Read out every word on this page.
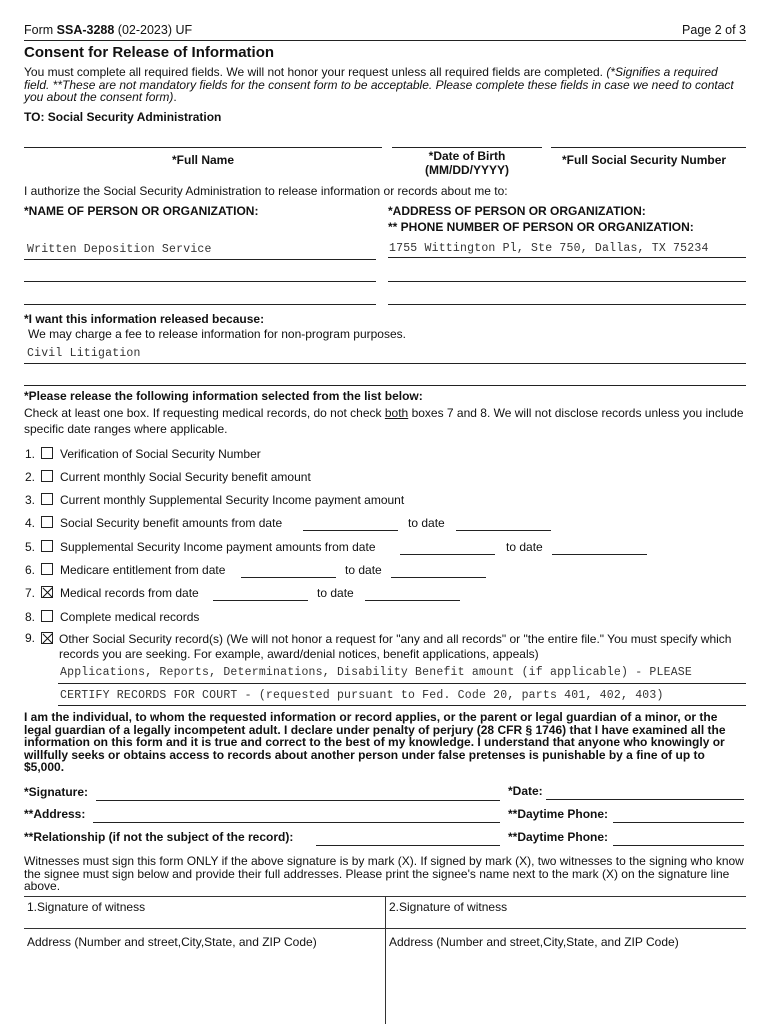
Form SSA-3288 (02-2023) UF	Page 2 of 3
Consent for Release of Information
You must complete all required fields. We will not honor your request unless all required fields are completed. (*Signifies a required field. **These are not mandatory fields for the consent form to be acceptable. Please complete these fields in case we need to contact you about the consent form).
TO: Social Security Administration
*Full Name	*Date of Birth
(MM/DD/YYYY)
*Full Social Security Number
I authorize the Social Security Administration to release information or records about me to:
*NAME OF PERSON OR ORGANIZATION:	*ADDRESS OF PERSON OR ORGANIZATION:
** PHONE NUMBER OF PERSON OR ORGANIZATION:
Written Deposition Service	1755 Wittington Pl, Ste 750, Dallas, TX 75234
*I want this information released because:
We may charge a fee to release information for non-program purposes.
Civil Litigation
*Please release the following information selected from the list below:
Check at least one box. If requesting medical records, do not check both boxes 7 and 8. We will not disclose records unless you include specific date ranges where applicable.
1. Verification of Social Security Number
2. Current monthly Social Security benefit amount
3. Current monthly Supplemental Security Income payment amount
4. Social Security benefit amounts from date	to date
5. Supplemental Security Income payment amounts from date	to date
6. Medicare entitlement from date	to date
7. Medical records from date	to date
8. Complete medical records
9. Other Social Security record(s) (We will not honor a request for "any and all records" or "the entire file." You must specify which records you are seeking. For example, award/denial notices, benefit applications, appeals)
Applications, Reports, Determinations, Disability Benefit amount (if applicable) - PLEASE
CERTIFY RECORDS FOR COURT - (requested pursuant to Fed. Code 20, parts 401, 402, 403)
I am the individual, to whom the requested information or record applies, or the parent or legal guardian of a minor, or the legal guardian of a legally incompetent adult. I declare under penalty of perjury (28 CFR § 1746) that I have examined all the information on this form and it is true and correct to the best of my knowledge. I understand that anyone who knowingly or willfully seeks or obtains access to records about another person under false pretenses is punishable by a fine of up to $5,000.
*Signature:	*Date:
**Address:	**Daytime Phone:
**Relationship (if not the subject of the record):	**Daytime Phone:
Witnesses must sign this form ONLY if the above signature is by mark (X). If signed by mark (X), two witnesses to the signing who know the signee must sign below and provide their full addresses. Please print the signee's name next to the mark (X) on the signature line above.
1.Signature of witness	2.Signature of witness
Address (Number and street,City,State, and ZIP Code)	Address (Number and street,City,State, and ZIP Code)
